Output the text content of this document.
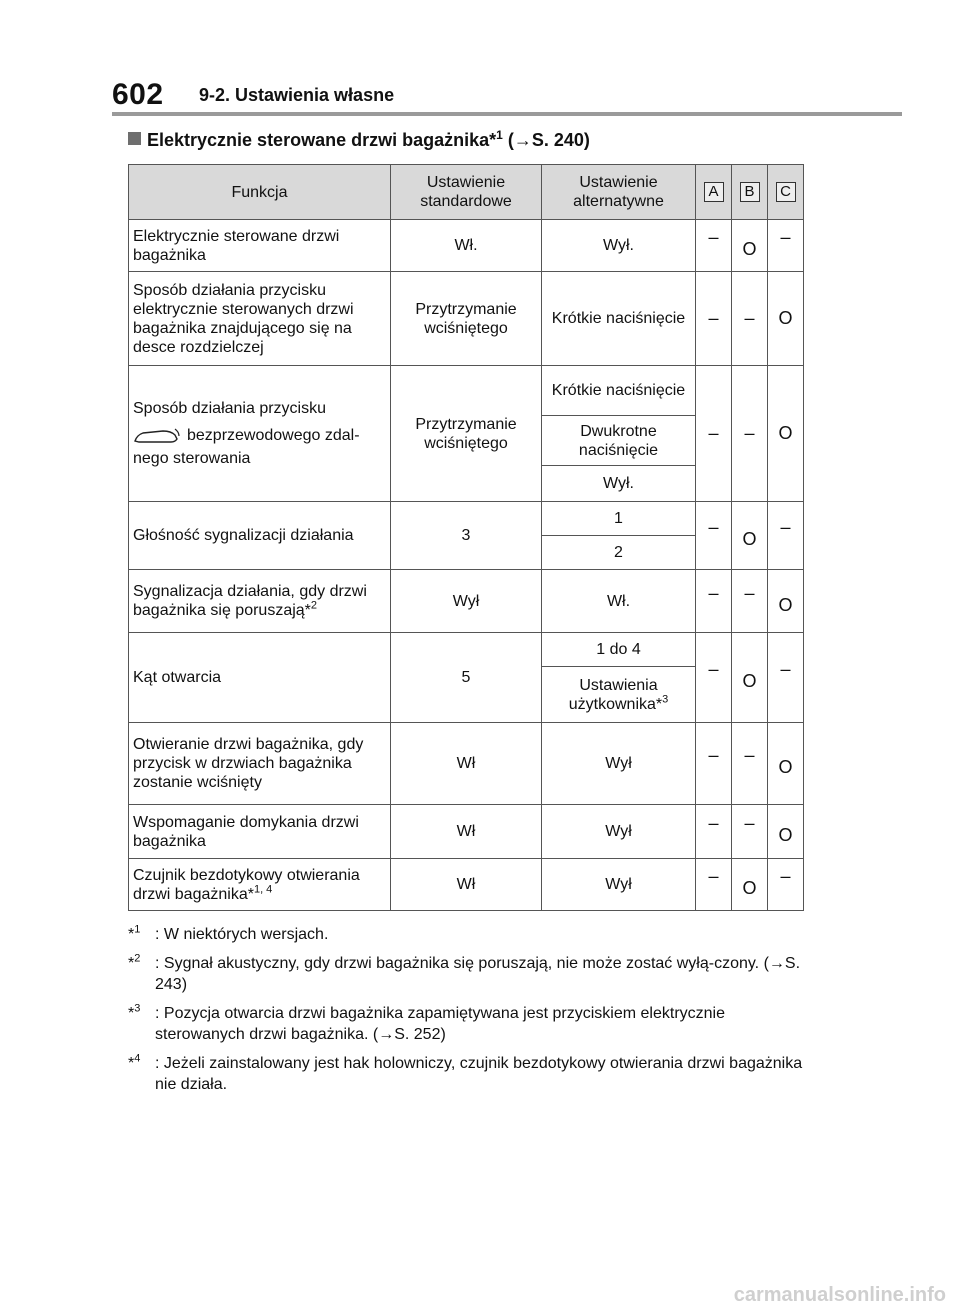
602 9-2. Ustawienia własne
Elektrycznie sterowane drzwi bagażnika*$^1$ (→S. 240)
Funkcja	Ustawienie standardowe	Ustawienie alternatywne	A	B	C
Elektrycznie sterowane drzwi bagażnika	Wł.	Wył.	–	O	–
Sposób działania przycisku elektrycznie sterowanych drzwi bagażnika znajdującego się na desce rozdzielczej	Przytrzymanie wciśniętego	Krótkie naciśnięcie	–	–	O

Sposób działania przycisku
bezprzewodowego zdal-
nego sterowania	Przytrzymanie wciśniętego	Krótkie naciśnięcie	–	–	O
		Dwukrotne naciśnięcie			
		Wył.			
Głośność sygnalizacji działania	3	1	–	O	–
		2			
Sygnalizacja działania, gdy drzwi bagażnika się poruszają*$^2$	Wył	Wł.	–	–	O
Kąt otwarcia	5	1 do 4	–	O	–
		Ustawienia użytkownika*$^3$
Otwieranie drzwi bagażnika, gdy przycisk w drzwiach bagażnika zostanie wciśnięty	Wł	Wył	–	–	O
Wspomaganie domykania drzwi bagażnika	Wł	Wył	–	–	O
Czujnik bezdotykowy otwierania drzwi bagażnika*$^{1, 4}$	Wł	Wył	–	O	–
*$^1$ : W niektórych wersjach.
*$^2$ : Sygnał akustyczny, gdy drzwi bagażnika się poruszają, nie może zostać wyłą-czony. (→S. 243)
*$^3$ : Pozycja otwarcia drzwi bagażnika zapamiętywana jest przyciskiem elektrycznie sterowanych drzwi bagażnika. (→S. 252)
*$^4$ : Jeżeli zainstalowany jest hak holowniczy, czujnik bezdotykowy otwierania drzwi bagażnika nie działa.
carmanualsonline.info
